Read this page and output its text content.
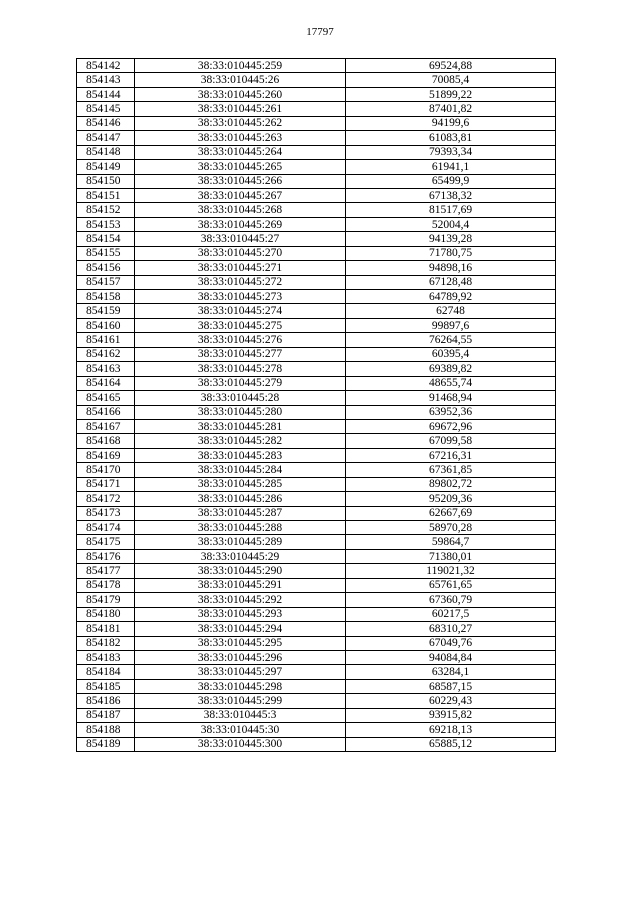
17797
854142	38:33:010445:259	69524,88
854143	38:33:010445:26	70085,4
854144	38:33:010445:260	51899,22
854145	38:33:010445:261	87401,82
854146	38:33:010445:262	94199,6
854147	38:33:010445:263	61083,81
854148	38:33:010445:264	79393,34
854149	38:33:010445:265	61941,1
854150	38:33:010445:266	65499,9
854151	38:33:010445:267	67138,32
854152	38:33:010445:268	81517,69
854153	38:33:010445:269	52004,4
854154	38:33:010445:27	94139,28
854155	38:33:010445:270	71780,75
854156	38:33:010445:271	94898,16
854157	38:33:010445:272	67128,48
854158	38:33:010445:273	64789,92
854159	38:33:010445:274	62748
854160	38:33:010445:275	99897,6
854161	38:33:010445:276	76264,55
854162	38:33:010445:277	60395,4
854163	38:33:010445:278	69389,82
854164	38:33:010445:279	48655,74
854165	38:33:010445:28	91468,94
854166	38:33:010445:280	63952,36
854167	38:33:010445:281	69672,96
854168	38:33:010445:282	67099,58
854169	38:33:010445:283	67216,31
854170	38:33:010445:284	67361,85
854171	38:33:010445:285	89802,72
854172	38:33:010445:286	95209,36
854173	38:33:010445:287	62667,69
854174	38:33:010445:288	58970,28
854175	38:33:010445:289	59864,7
854176	38:33:010445:29	71380,01
854177	38:33:010445:290	119021,32
854178	38:33:010445:291	65761,65
854179	38:33:010445:292	67360,79
854180	38:33:010445:293	60217,5
854181	38:33:010445:294	68310,27
854182	38:33:010445:295	67049,76
854183	38:33:010445:296	94084,84
854184	38:33:010445:297	63284,1
854185	38:33:010445:298	68587,15
854186	38:33:010445:299	60229,43
854187	38:33:010445:3	93915,82
854188	38:33:010445:30	69218,13
854189	38:33:010445:300	65885,12
